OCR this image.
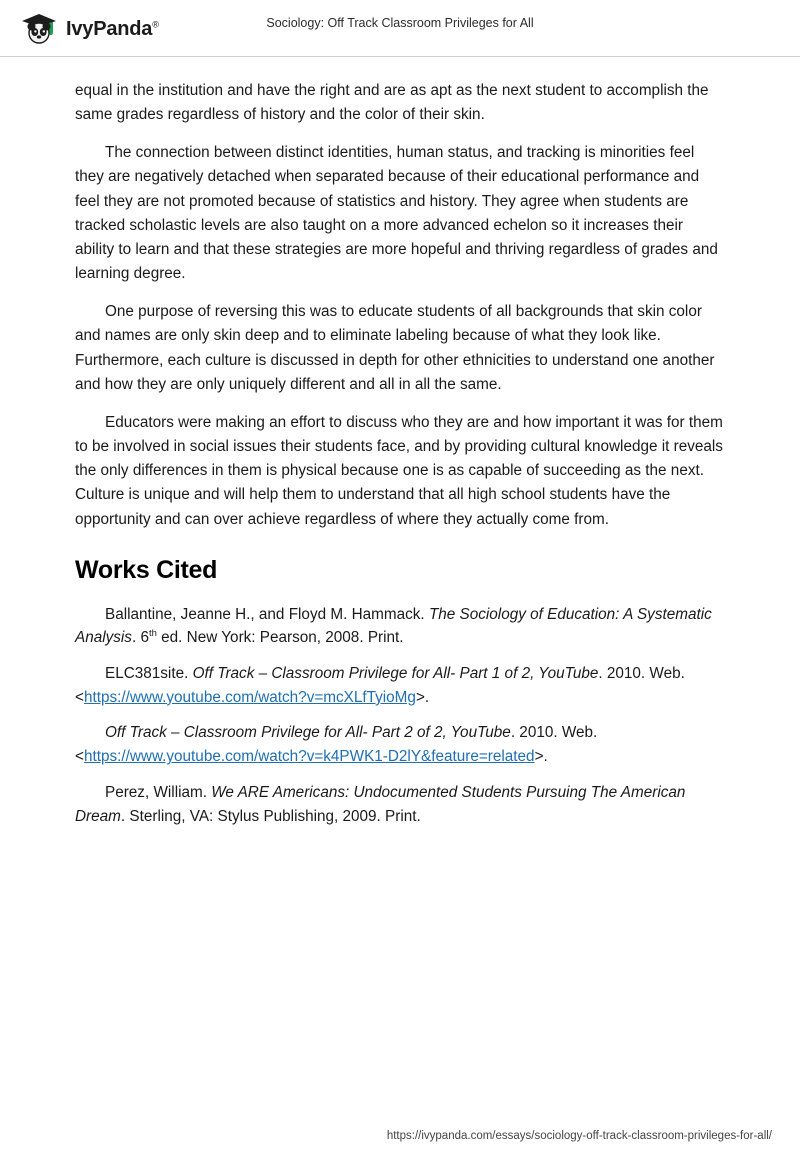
IvyPanda®	Sociology: Off Track Classroom Privileges for All

equal in the institution and have the right and are as apt as the next student to accomplish the same grades regardless of history and the color of their skin.

The connection between distinct identities, human status, and tracking is minorities feel they are negatively detached when separated because of their educational performance and feel they are not promoted because of statistics and history. They agree when students are tracked scholastic levels are also taught on a more advanced echelon so it increases their ability to learn and that these strategies are more hopeful and thriving regardless of grades and learning degree.

One purpose of reversing this was to educate students of all backgrounds that skin color and names are only skin deep and to eliminate labeling because of what they look like. Furthermore, each culture is discussed in depth for other ethnicities to understand one another and how they are only uniquely different and all in all the same.

Educators were making an effort to discuss who they are and how important it was for them to be involved in social issues their students face, and by providing cultural knowledge it reveals the only differences in them is physical because one is as capable of succeeding as the next. Culture is unique and will help them to understand that all high school students have the opportunity and can over achieve regardless of where they actually come from.

Works Cited

Ballantine, Jeanne H., and Floyd M. Hammack. The Sociology of Education: A Systematic Analysis. 6th ed. New York: Pearson, 2008. Print.

ELC381site. Off Track – Classroom Privilege for All- Part 1 of 2, YouTube. 2010. Web. <https://www.youtube.com/watch?v=mcXLfTyioMg>.

Off Track – Classroom Privilege for All- Part 2 of 2, YouTube. 2010. Web. <https://www.youtube.com/watch?v=k4PWK1-D2lY&feature=related>.

Perez, William. We ARE Americans: Undocumented Students Pursuing The American Dream. Sterling, VA: Stylus Publishing, 2009. Print.

https://ivypanda.com/essays/sociology-off-track-classroom-privileges-for-all/
